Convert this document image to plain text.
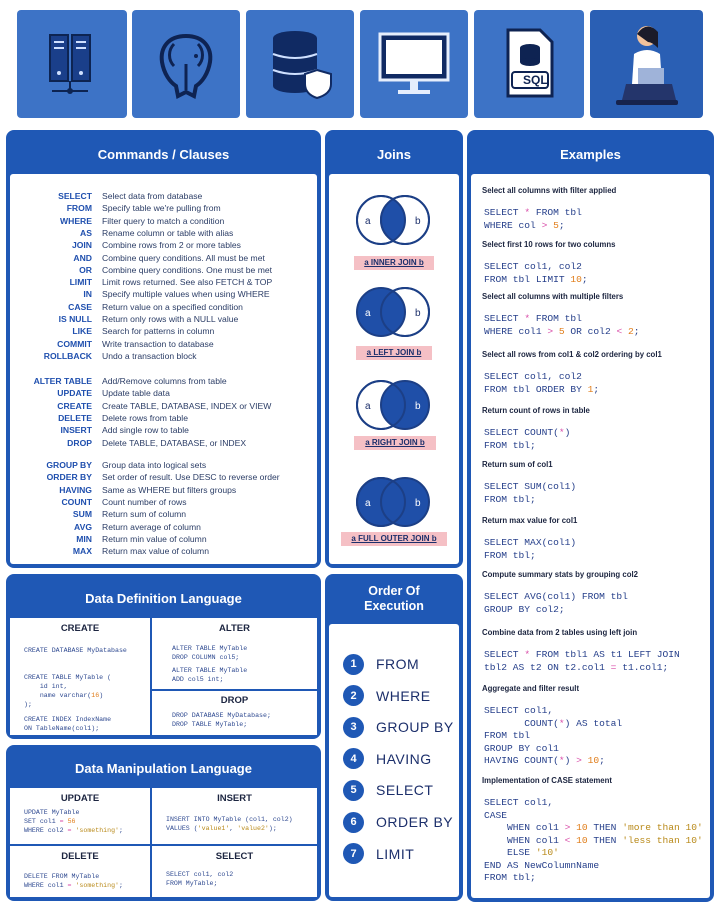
SQL
Commands / Clauses
SELECT Select data from database
FROM Specify table we're pulling from
WHERE Filter query to match a condition
AS Rename column or table with alias
JOIN Combine rows from 2 or more tables
AND Combine query conditions. All must be met
OR Combine query conditions. One must be met
LIMIT Limit rows returned. See also FETCH & TOP
IN Specify multiple values when using WHERE
CASE Return value on a specified condition
IS NULL Return only rows with a NULL value
LIKE Search for patterns in column
COMMIT Write transaction to database
ROLLBACK Undo a transaction block
ALTER TABLE Add/Remove columns from table
UPDATE Update table data
CREATE Create TABLE, DATABASE, INDEX or VIEW
DELETE Delete rows from table
INSERT Add single row to table
DROP Delete TABLE, DATABASE, or INDEX
GROUP BY Group data into logical sets
ORDER BY Set order of result. Use DESC to reverse order
HAVING Same as WHERE but filters groups
COUNT Count number of rows
SUM Return sum of column
AVG Return average of column
MIN Return min value of column
MAX Return max value of column
Joins
a	b
a INNER JOIN b
a	b
a LEFT JOIN b
a	b
a RIGHT JOIN b
a	b
a FULL OUTER JOIN b
Examples
Select all columns with filter applied
SELECT * FROM tbl
WHERE col > 5;
Select first 10 rows for two columns
SELECT col1, col2
FROM tbl LIMIT 10;
Select all columns with multiple filters
SELECT * FROM tbl
WHERE col1 > 5 OR col2 < 2;
Select all rows from col1 & col2 ordering by col1
SELECT col1, col2
FROM tbl ORDER BY 1;
Return count of rows in table
SELECT COUNT(*)
FROM tbl;
Return sum of col1
SELECT SUM(col1)
FROM tbl;
Return max value for col1
SELECT MAX(col1)
FROM tbl;
Compute summary stats by grouping col2
SELECT AVG(col1) FROM tbl
GROUP BY col2;
Combine data from 2 tables using left join
SELECT * FROM tbl1 AS t1 LEFT JOIN
tbl2 AS t2 ON t2.col1 = t1.col1;
Aggregate and filter result
SELECT col1,
COUNT(*) AS total
FROM tbl
GROUP BY col1
HAVING COUNT(*) > 10;
Implementation of CASE statement
SELECT col1,
CASE
WHEN col1 > 10 THEN 'more than 10'
WHEN col1 < 10 THEN 'less than 10'
ELSE '10'
END AS NewColumnName
FROM tbl;
Data Definition Language
CREATE
CREATE DATABASE MyDatabase
CREATE TABLE MyTable (
id int,
name varchar(16)
);
CREATE INDEX IndexName
ON TableName(col1);
ALTER
ALTER TABLE MyTable
DROP COLUMN col5;
ALTER TABLE MyTable
ADD col5 int;
DROP
DROP DATABASE MyDatabase;
DROP TABLE MyTable;
Data Manipulation Language
UPDATE
UPDATE MyTable
SET col1 = 56
WHERE col2 = 'something';
INSERT
INSERT INTO MyTable (col1, col2)
VALUES ('value1', 'value2');
DELETE
DELETE FROM MyTable
WHERE col1 = 'something';
SELECT
SELECT col1, col2
FROM MyTable;
Order Of
Execution
1	FROM
2	WHERE
3	GROUP BY
4	HAVING
5	SELECT
6	ORDER BY
7	LIMIT
